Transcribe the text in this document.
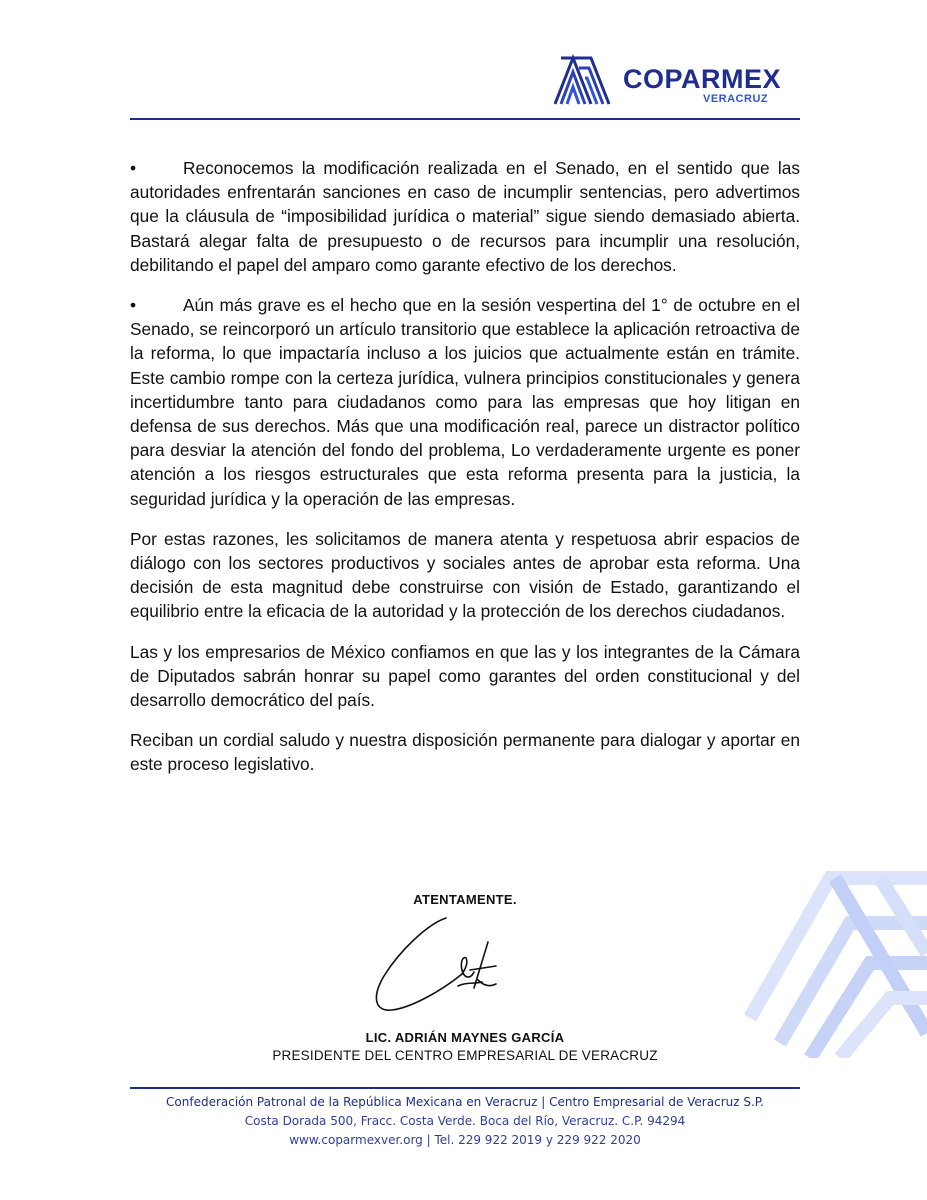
COPARMEX
VERACRUZ

•	Reconocemos la modificación realizada en el Senado, en el sentido que las autoridades enfrentarán sanciones en caso de incumplir sentencias, pero advertimos que la cláusula de “imposibilidad jurídica o material” sigue siendo demasiado abierta. Bastará alegar falta de presupuesto o de recursos para incumplir una resolución, debilitando el papel del amparo como garante efectivo de los derechos.

•	Aún más grave es el hecho que en la sesión vespertina del 1° de octubre en el Senado, se reincorporó un artículo transitorio que establece la aplicación retroactiva de la reforma, lo que impactaría incluso a los juicios que actualmente están en trámite. Este cambio rompe con la certeza jurídica, vulnera principios constitucionales y genera incertidumbre tanto para ciudadanos como para las empresas que hoy litigan en defensa de sus derechos. Más que una modificación real, parece un distractor político para desviar la atención del fondo del problema, Lo verdaderamente urgente es poner atención a los riesgos estructurales que esta reforma presenta para la justicia, la seguridad jurídica y la operación de las empresas.

Por estas razones, les solicitamos de manera atenta y respetuosa abrir espacios de diálogo con los sectores productivos y sociales antes de aprobar esta reforma. Una decisión de esta magnitud debe construirse con visión de Estado, garantizando el equilibrio entre la eficacia de la autoridad y la protección de los derechos ciudadanos.

Las y los empresarios de México confiamos en que las y los integrantes de la Cámara de Diputados sabrán honrar su papel como garantes del orden constitucional y del desarrollo democrático del país.

Reciban un cordial saludo y nuestra disposición permanente para dialogar y aportar en este proceso legislativo.

ATENTAMENTE.
LIC. ADRIÁN MAYNES GARCÍA
PRESIDENTE DEL CENTRO EMPRESARIAL DE VERACRUZ
Confederación Patronal de la República Mexicana en Veracruz | Centro Empresarial de Veracruz S.P.
Costa Dorada 500, Fracc. Costa Verde. Boca del Río, Veracruz. C.P. 94294
www.coparmexver.org | Tel. 229 922 2019 y 229 922 2020
